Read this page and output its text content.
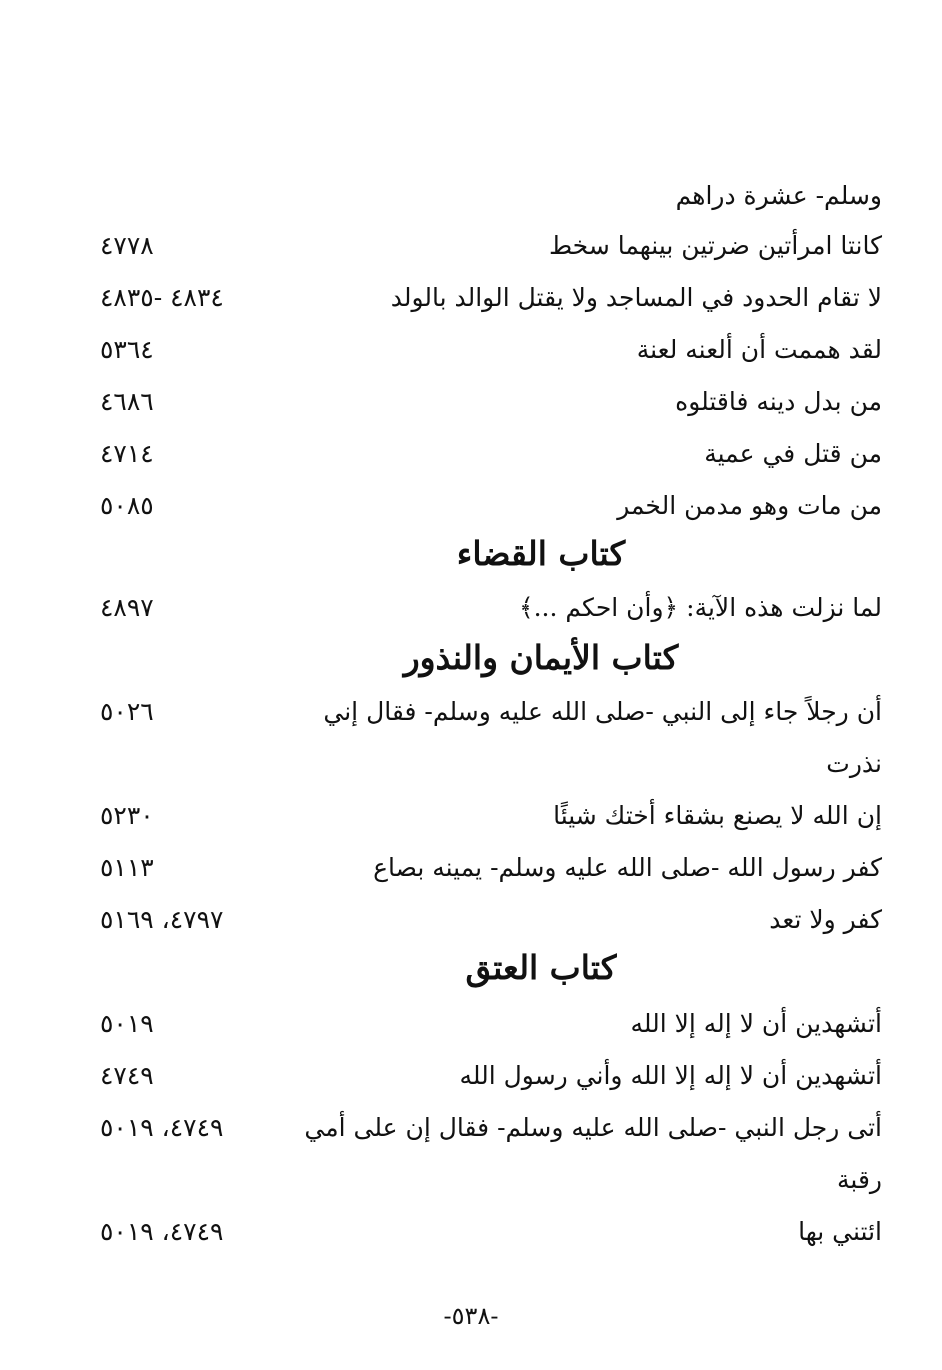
وسلم- عشرة دراهم
كانتا امرأتين ضرتين بينهما سخط
٤٧٧٨
لا تقام الحدود في المساجد ولا يقتل الوالد بالولد
٤٨٣٤ -٤٨٣٥
لقد هممت أن ألعنه لعنة
٥٣٦٤
من بدل دينه فاقتلوه
٤٦٨٦
من قتل في عمية
٤٧١٤
من مات وهو مدمن الخمر
٥٠٨٥
كتاب القضاء
لما نزلت هذه الآية: ﴿وأن احكم ...﴾
٤٨٩٧
كتاب الأيمان والنذور
أن رجلاً جاء إلى النبي -صلى الله عليه وسلم- فقال إني
٥٠٢٦
نذرت
إن الله لا يصنع بشقاء أختك شيئًا
٥٢٣٠
كفر رسول الله -صلى الله عليه وسلم- يمينه بصاع
٥١١٣
كفر ولا تعد
٤٧٩٧، ٥١٦٩
كتاب العتق
أتشهدين أن لا إله إلا الله
٥٠١٩
أتشهدين أن لا إله إلا الله وأني رسول الله
٤٧٤٩
أتى رجل النبي -صلى الله عليه وسلم- فقال إن على أمي
٤٧٤٩، ٥٠١٩
رقبة
ائتني بها
٤٧٤٩، ٥٠١٩
-٥٣٨-
